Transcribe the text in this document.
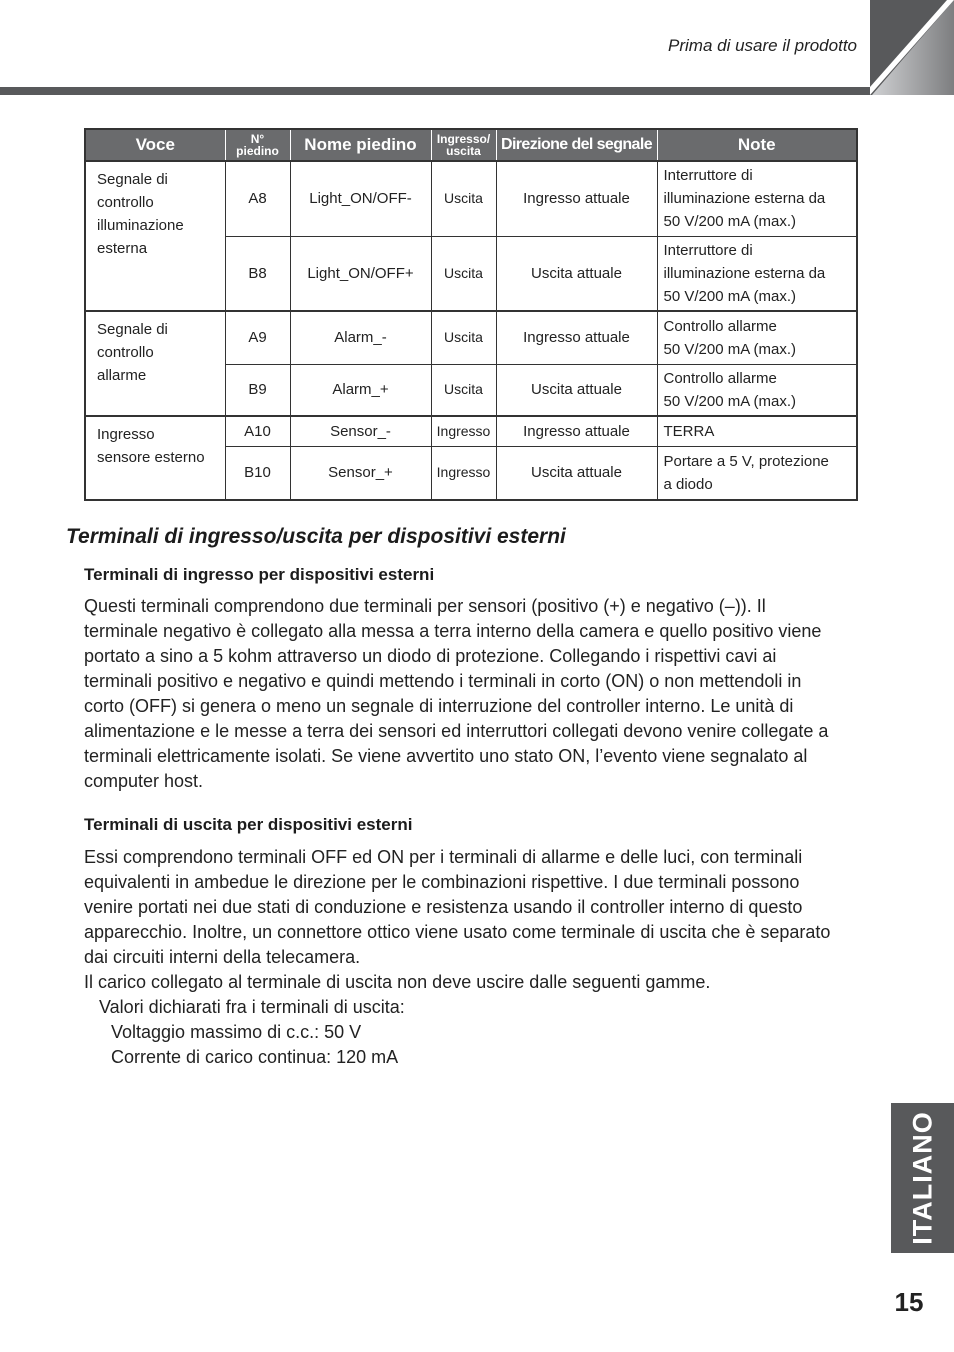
Prima di usare il prodotto
Voce	N°
piedino	Nome piedino	Ingresso/
uscita	Direzione del segnale	Note
Segnale di
controllo
illuminazione
esterna	A8	Light_ON/OFF-	Uscita	Ingresso attuale	Interruttore di
illuminazione esterna da
50 V/200 mA (max.)
	B8	Light_ON/OFF+	Uscita	Uscita attuale	Interruttore di
illuminazione esterna da
50 V/200 mA (max.)
Segnale di
controllo
allarme	A9	Alarm_-	Uscita	Ingresso attuale	Controllo allarme
50 V/200 mA (max.)
	B9	Alarm_+	Uscita	Uscita attuale	Controllo allarme
50 V/200 mA (max.)
Ingresso
sensore esterno	A10	Sensor_-	Ingresso	Ingresso attuale	TERRA
	B10	Sensor_+	Ingresso	Uscita attuale	Portare a 5 V, protezione
a diodo
Terminali di ingresso/uscita per dispositivi esterni
Terminali di ingresso per dispositivi esterni
Questi terminali comprendono due terminali per sensori (positivo (+) e negativo (–)). Il
terminale negativo è collegato alla messa a terra interno della camera e quello positivo viene
portato a sino a 5 kohm attraverso un diodo di protezione. Collegando i rispettivi cavi ai
terminali positivo e negativo e quindi mettendo i terminali in corto (ON) o non mettendoli in
corto (OFF) si genera o meno un segnale di interruzione del controller interno. Le unità di
alimentazione e le messe a terra dei sensori ed interruttori collegati devono venire collegate a
terminali elettricamente isolati. Se viene avvertito uno stato ON, l’evento viene segnalato al
computer host.
Terminali di uscita per dispositivi esterni
Essi comprendono terminali OFF ed ON per i terminali di allarme e delle luci, con terminali
equivalenti in ambedue le direzione per le combinazioni rispettive. I due terminali possono
venire portati nei due stati di conduzione e resistenza usando il controller interno di questo
apparecchio. Inoltre, un connettore ottico viene usato come terminale di uscita che è separato
dai circuiti interni della telecamera.
Il carico collegato al terminale di uscita non deve uscire dalle seguenti gamme.
Valori dichiarati fra i terminali di uscita:
Voltaggio massimo di c.c.: 50 V
Corrente di carico continua: 120 mA
ITALIANO
15
